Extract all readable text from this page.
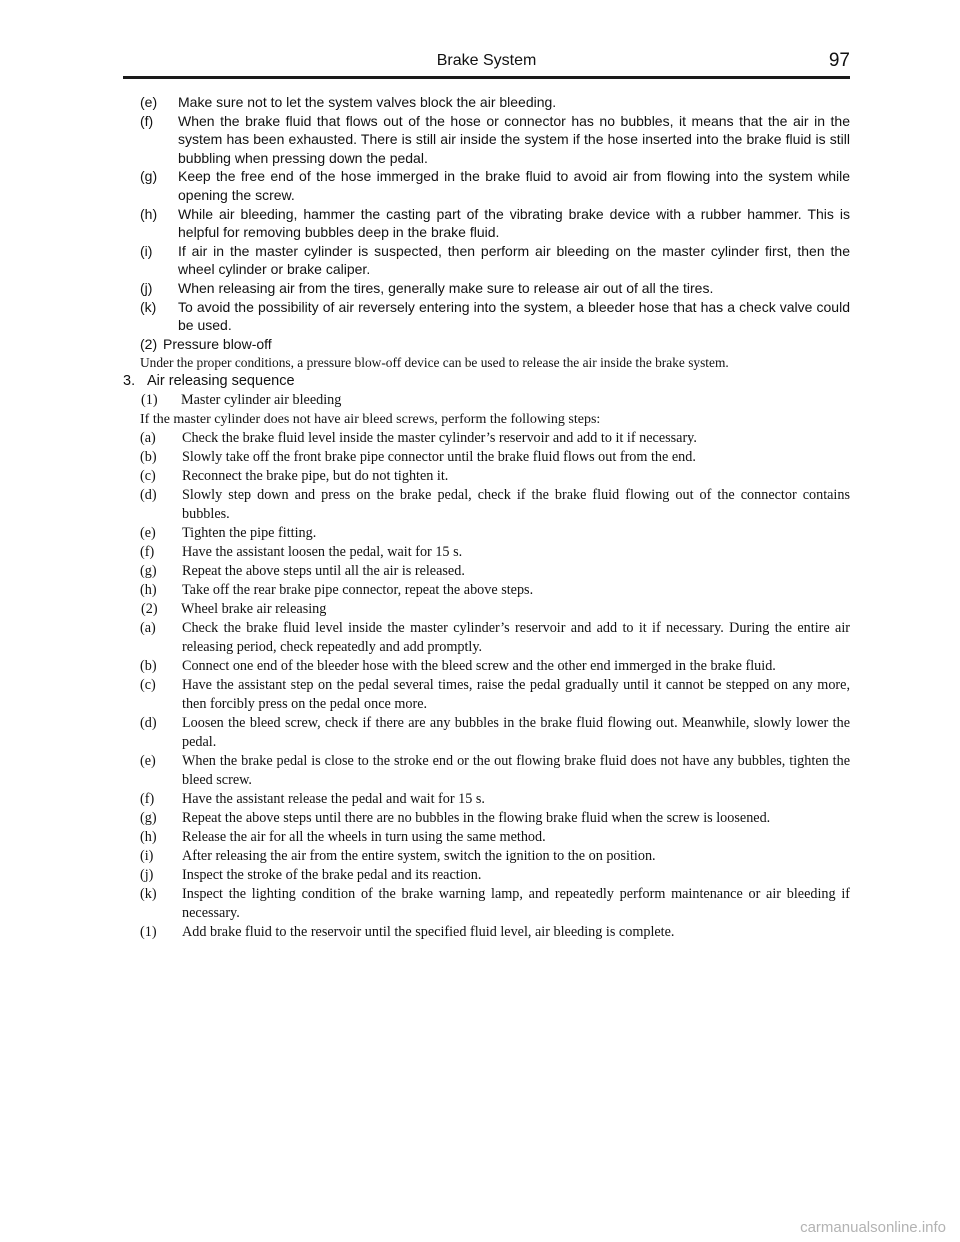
Brake System	97
(e) Make sure not to let the system valves block the air bleeding.
(f) When the brake fluid that flows out of the hose or connector has no bubbles, it means that the air in the system has been exhausted. There is still air inside the system if the hose inserted into the brake fluid is still bubbling when pressing down the pedal.
(g) Keep the free end of the hose immerged in the brake fluid to avoid air from flowing into the system while opening the screw.
(h) While air bleeding, hammer the casting part of the vibrating brake device with a rubber hammer. This is helpful for removing bubbles deep in the brake fluid.
(i) If air in the master cylinder is suspected, then perform air bleeding on the master cylinder first, then the wheel cylinder or brake caliper.
(j) When releasing air from the tires, generally make sure to release air out of all the tires.
(k) To avoid the possibility of air reversely entering into the system, a bleeder hose that has a check valve could be used.
(2) Pressure blow-off
Under the proper conditions, a pressure blow-off device can be used to release the air inside the brake system.
3. Air releasing sequence
(1) Master cylinder air bleeding
If the master cylinder does not have air bleed screws, perform the following steps:
(a) Check the brake fluid level inside the master cylinder’s reservoir and add to it if necessary.
(b) Slowly take off the front brake pipe connector until the brake fluid flows out from the end.
(c) Reconnect the brake pipe, but do not tighten it.
(d) Slowly step down and press on the brake pedal, check if the brake fluid flowing out of the connector contains bubbles.
(e) Tighten the pipe fitting.
(f) Have the assistant loosen the pedal, wait for 15 s.
(g) Repeat the above steps until all the air is released.
(h) Take off the rear brake pipe connector, repeat the above steps.
(2) Wheel brake air releasing
(a) Check the brake fluid level inside the master cylinder’s reservoir and add to it if necessary. During the entire air releasing period, check repeatedly and add promptly.
(b) Connect one end of the bleeder hose with the bleed screw and the other end immerged in the brake fluid.
(c) Have the assistant step on the pedal several times, raise the pedal gradually until it cannot be stepped on any more, then forcibly press on the pedal once more.
(d) Loosen the bleed screw, check if there are any bubbles in the brake fluid flowing out. Meanwhile, slowly lower the pedal.
(e) When the brake pedal is close to the stroke end or the out flowing brake fluid does not have any bubbles, tighten the bleed screw.
(f) Have the assistant release the pedal and wait for 15 s.
(g) Repeat the above steps until there are no bubbles in the flowing brake fluid when the screw is loosened.
(h) Release the air for all the wheels in turn using the same method.
(i) After releasing the air from the entire system, switch the ignition to the on position.
(j) Inspect the stroke of the brake pedal and its reaction.
(k) Inspect the lighting condition of the brake warning lamp, and repeatedly perform maintenance or air bleeding if necessary.
(1) Add brake fluid to the reservoir until the specified fluid level, air bleeding is complete.
carmanualsonline.info
